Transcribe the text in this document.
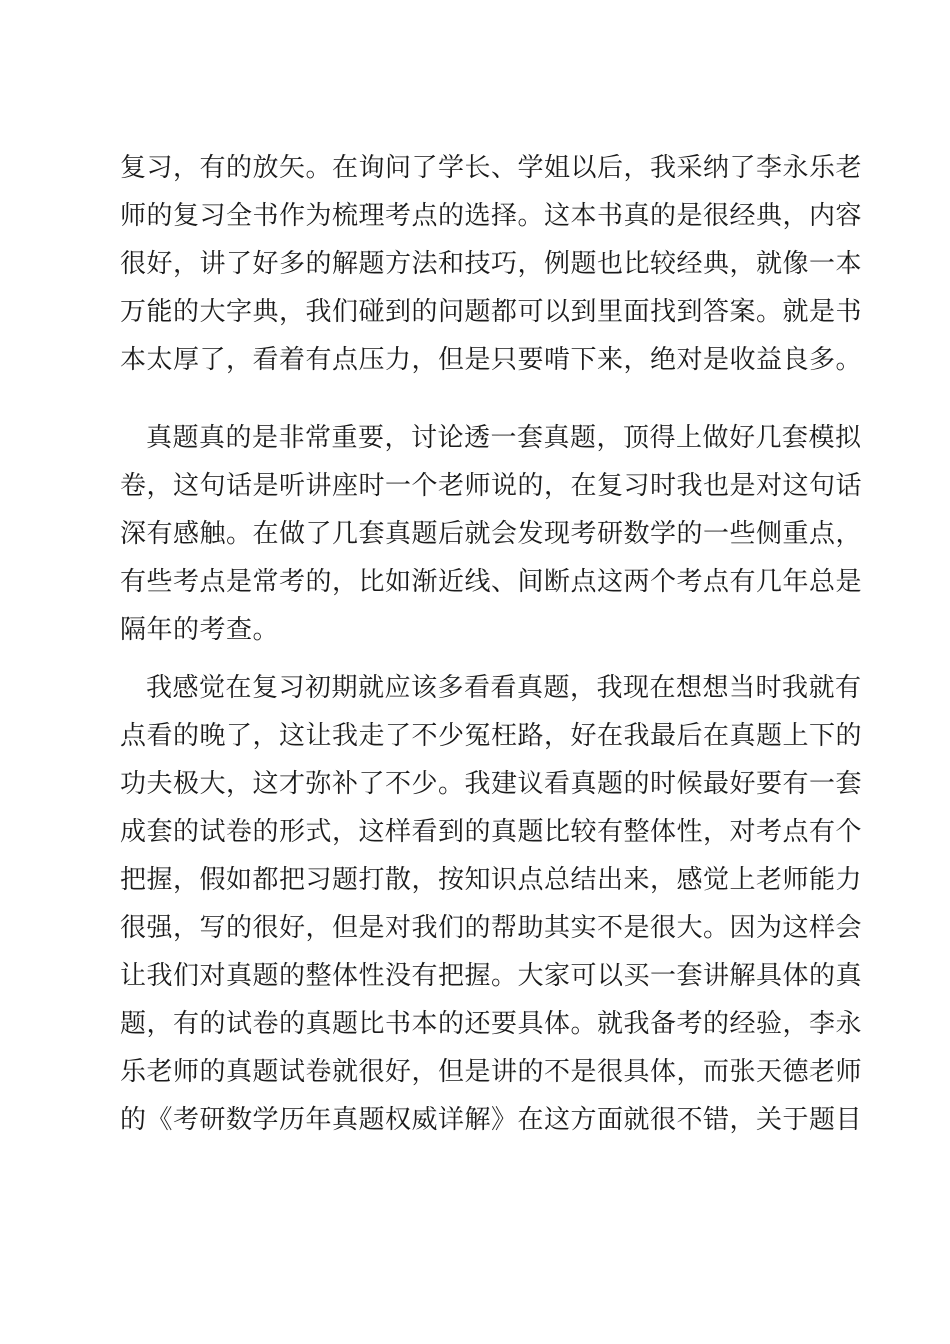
复习，有的放矢。在询问了学长、学姐以后，我采纳了李永乐老
师的复习全书作为梳理考点的选择。这本书真的是很经典，内容
很好，讲了好多的解题方法和技巧，例题也比较经典，就像一本
万能的大字典，我们碰到的问题都可以到里面找到答案。就是书
本太厚了，看着有点压力，但是只要啃下来，绝对是收益良多。
真题真的是非常重要，讨论透一套真题，顶得上做好几套模拟
卷，这句话是听讲座时一个老师说的，在复习时我也是对这句话
深有感触。在做了几套真题后就会发现考研数学的一些侧重点，
有些考点是常考的，比如渐近线、间断点这两个考点有几年总是
隔年的考查。
我感觉在复习初期就应该多看看真题，我现在想想当时我就有
点看的晚了，这让我走了不少冤枉路，好在我最后在真题上下的
功夫极大，这才弥补了不少。我建议看真题的时候最好要有一套
成套的试卷的形式，这样看到的真题比较有整体性，对考点有个
把握，假如都把习题打散，按知识点总结出来，感觉上老师能力
很强，写的很好，但是对我们的帮助其实不是很大。因为这样会
让我们对真题的整体性没有把握。大家可以买一套讲解具体的真
题，有的试卷的真题比书本的还要具体。就我备考的经验，李永
乐老师的真题试卷就很好，但是讲的不是很具体，而张天德老师
的《考研数学历年真题权威详解》在这方面就很不错，关于题目
